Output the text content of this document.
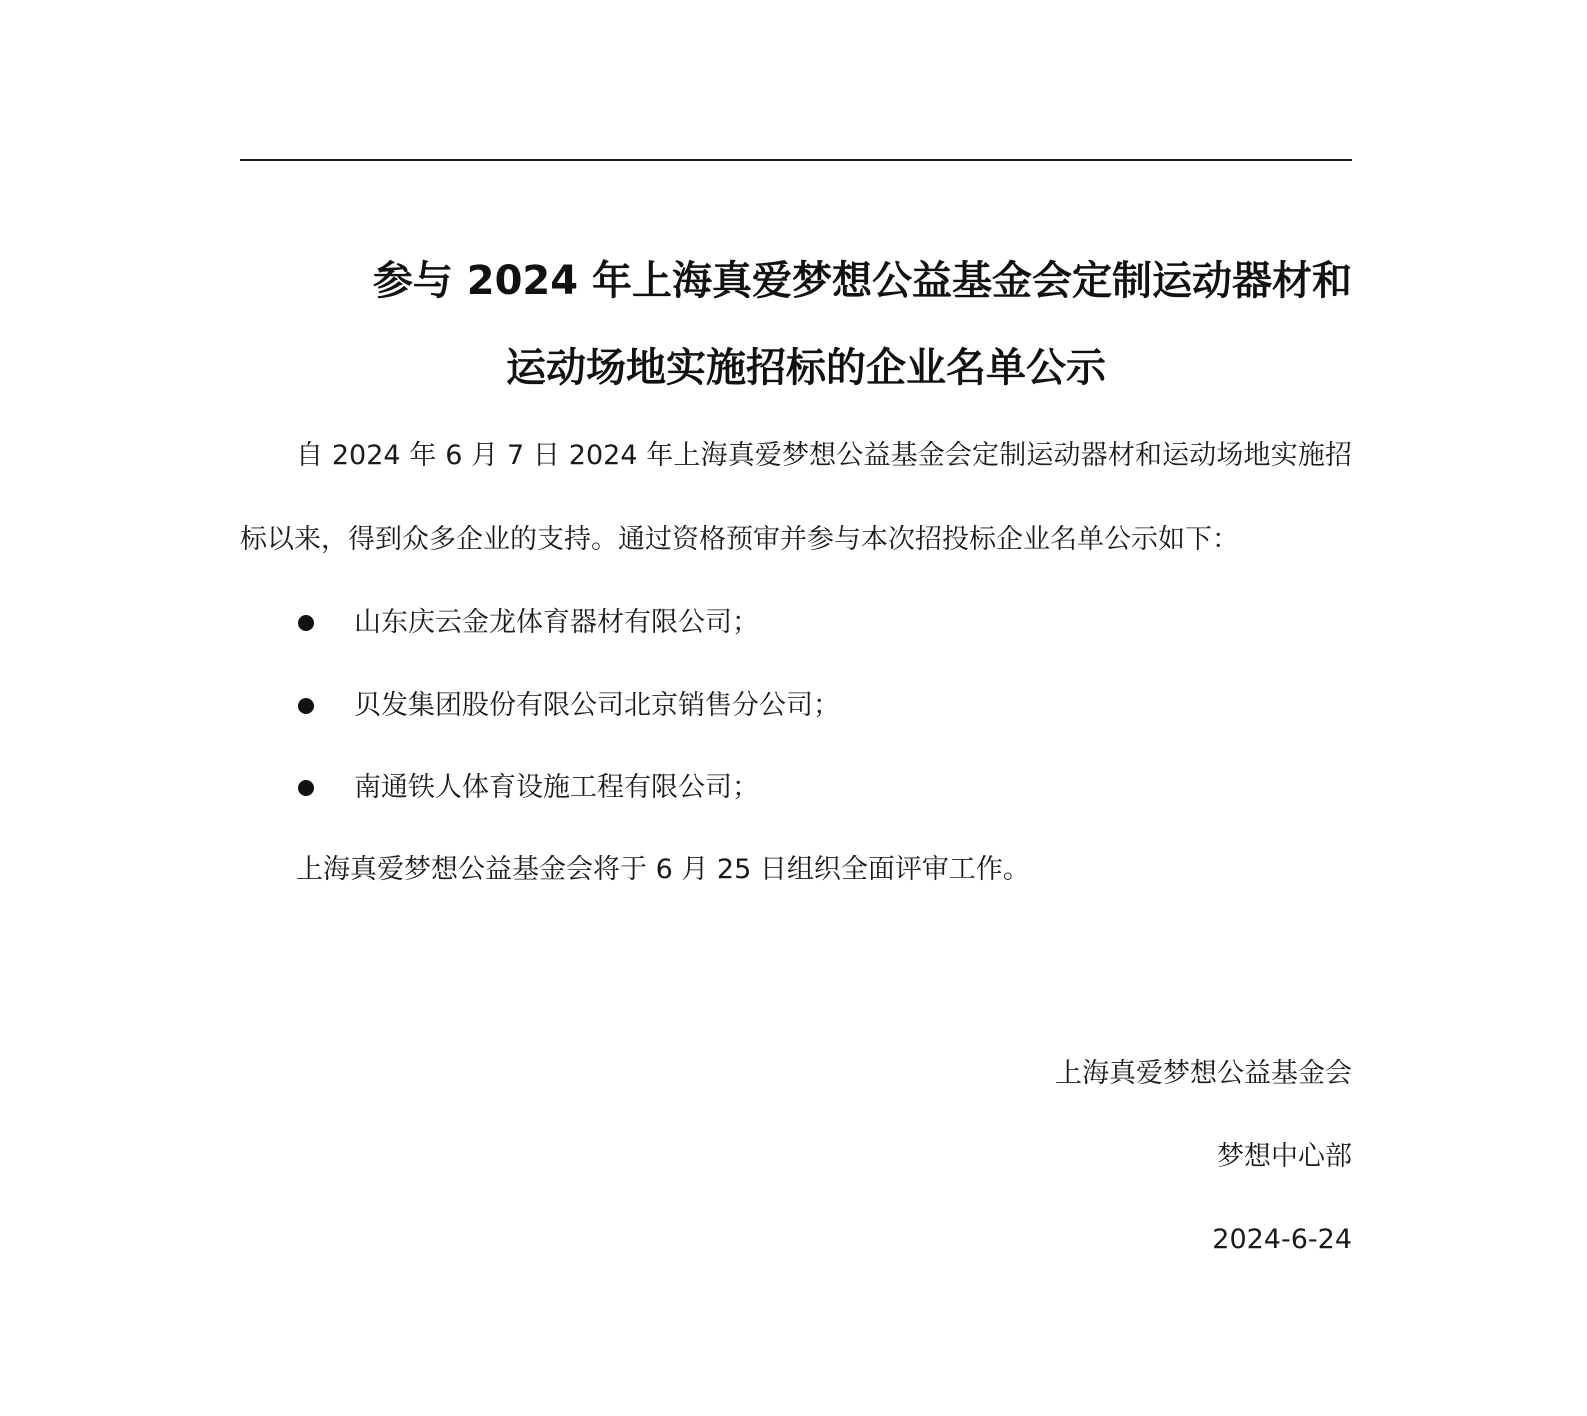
参与 2024 年上海真爱梦想公益基金会定制运动器材和
运动场地实施招标的企业名单公示
自 2024 年 6 月 7 日 2024 年上海真爱梦想公益基金会定制运动器材和运动场地实施招
标以来，得到众多企业的支持。通过资格预审并参与本次招投标企业名单公示如下：
山东庆云金龙体育器材有限公司；
贝发集团股份有限公司北京销售分公司；
南通铁人体育设施工程有限公司；
上海真爱梦想公益基金会将于 6 月 25 日组织全面评审工作。
上海真爱梦想公益基金会
梦想中心部
2024-6-24
